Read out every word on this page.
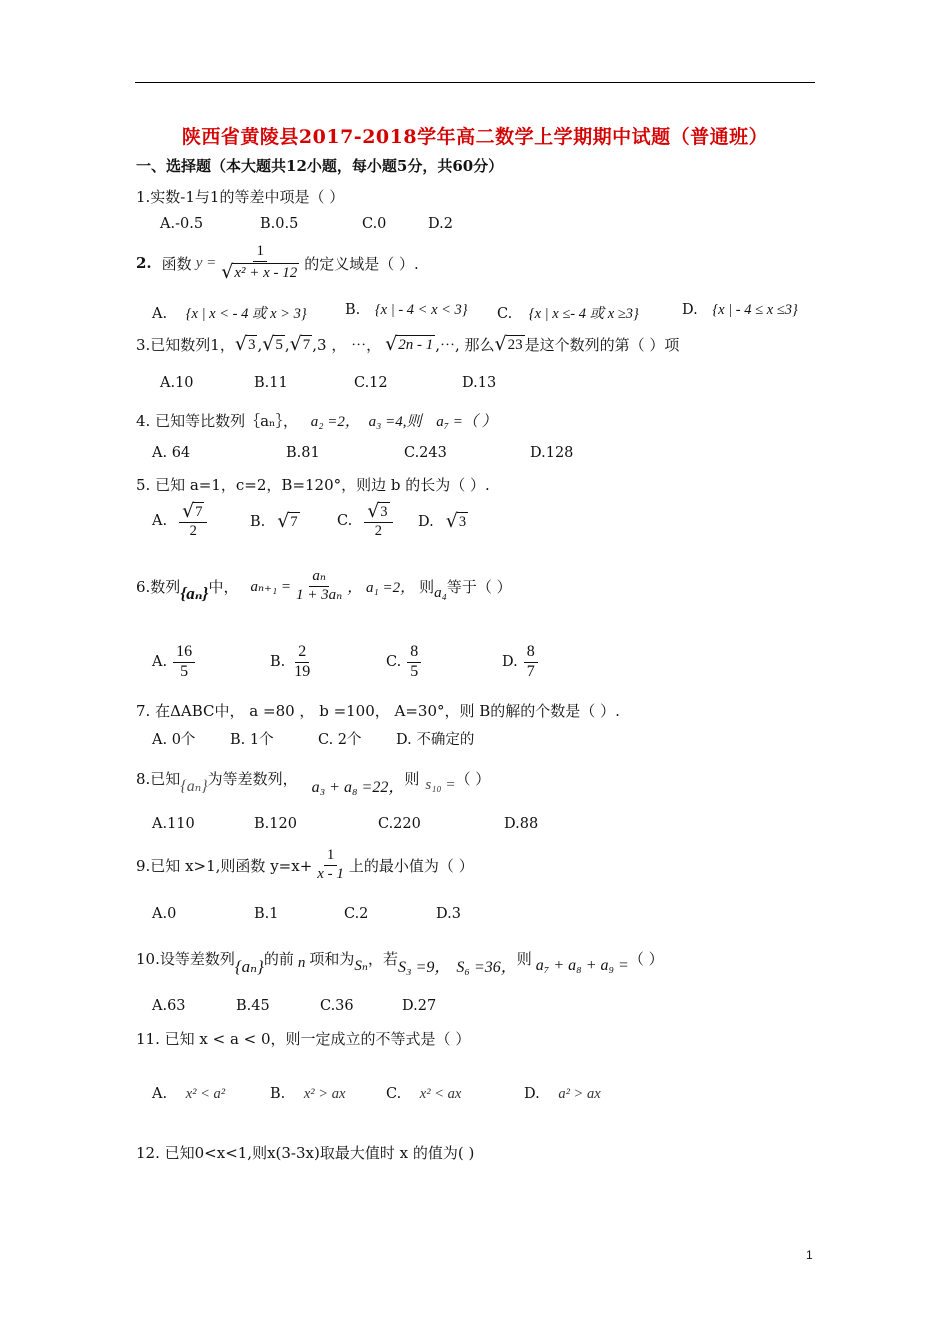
陕西省黄陵县2017-2018学年高二数学上学期期中试题（普通班）
一、选择题（本大题共12小题，每小题5分，共60分）
1.实数-1与1的等差中项是（ ）
A.-0.5	B.0.5	C.0	D.2
2. 函数 $y = \frac{1}{\text{√ x² + x - 12}}$ 的定义域是（ ）.
A. {x | x < - 4 或 x > 3}	B. {x | - 4 < x < 3} C. {x | x ≤- 4 或 x ≥3}	D. {x | - 4 ≤ x ≤3}
3.已知数列1， √ 3 , √ 5 , √ 7 ,3 ， ⋯， √ 2n - 1 ,⋯, 那么 √ 23 是这个数列的第（ ）项
A.10	B.11	C.12	D.13
4. 已知等比数列｛aₙ｝， a₂ =2， a₃ =4,则 a₇ =（ ）
A. 64	B.81	C.243	D.128
5. 已知 a=1，c=2，B=120°，则边 b 的长为（ ）.
A. $\frac{√ 7}{2}$	B. √ 7	C. $\frac{√ 3}{2} D$. √ 3
6.数列 {aₙ} 中， $a_{n+1} = \frac{\text{aₙ}}{\text{1 + 3aₙ}}$ ， a₁ =2， 则 a₄ 等于（ ）
A. $\frac{16}{5}$	B. $\frac{2}{19}$	C. $\frac{8}{5}$	D. $\frac{8}{7}$
7. 在ΔABC中， a =80 ， b =100， A=30°，则 B的解的个数是（ ）.
A. 0个 B. 1个	C. 2个 D. 不确定的
8.已知 {aₙ} 为等差数列， a₃ + a₈ =22， 则 s₁₀ = （ ）
A.110	B.120	C.220	D.88
9.已知 x>1,则函数 $y=x+ \frac{1}{x - 1}$ 上的最小值为（ ）
A.0	B.1	C.2	D.3
10.设等差数列 {aₙ} 的前 n 项和为 Sₙ ，若 S₃ =9， S₆ =36， 则 a₇ + a₈ + a₉ = （ ）
A.63	B.45	C.36	D.27
11. 已知 x < a < 0，则一定成立的不等式是（ ）
A. x² < a²	B. x² > ax	C. x² < ax	D. a² > ax
12. 已知0<x<1,则x(3-3x)取最大值时 x 的值为( )
1
